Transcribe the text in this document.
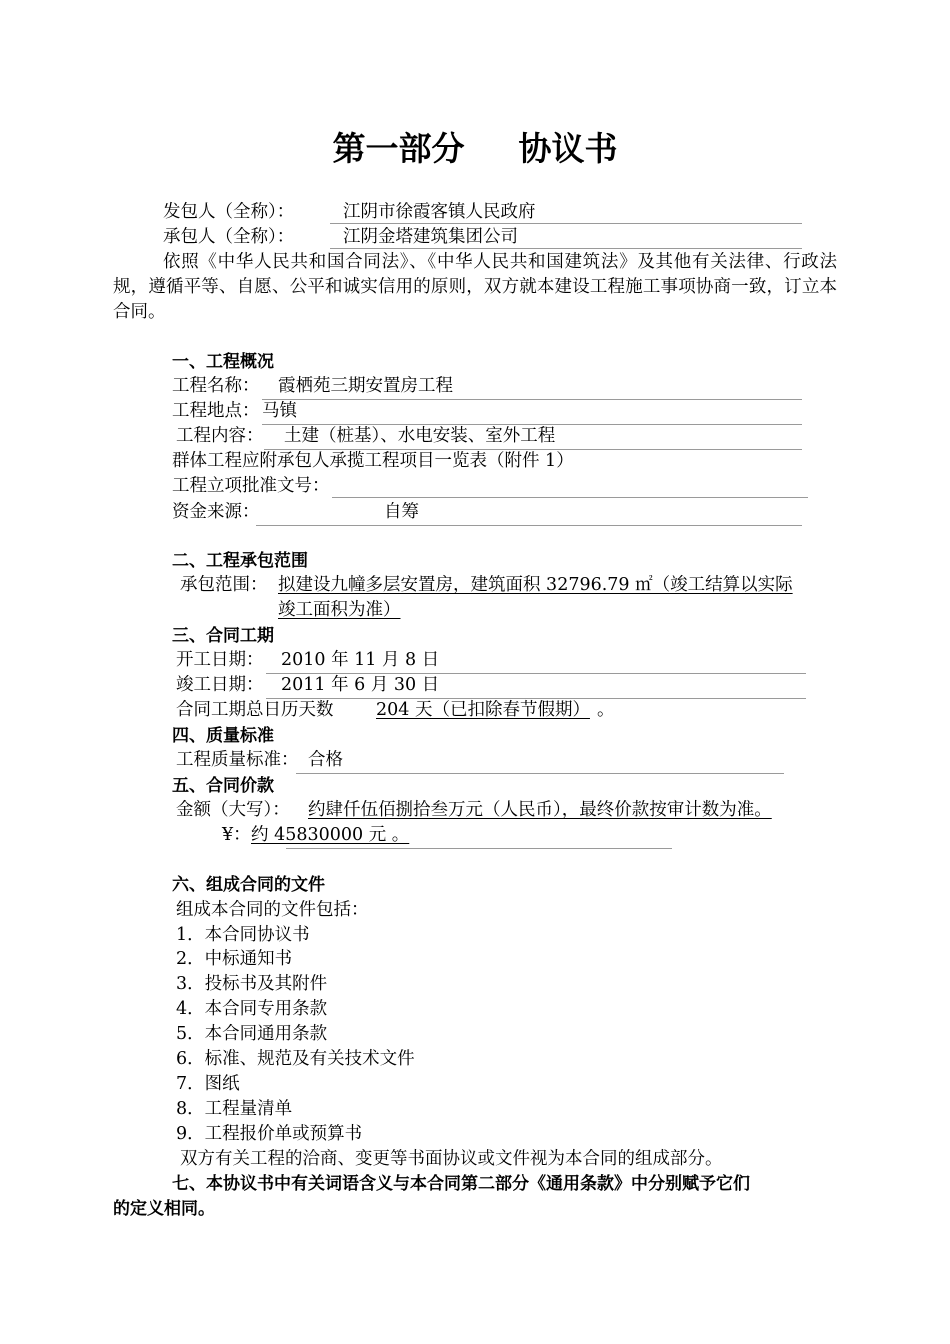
第一部分 协议书
发包人（全称）：	江阴市徐霞客镇人民政府
承包人（全称）：	江阴金塔建筑集团公司
依照《中华人民共和国合同法》、《中华人民共和国建筑法》及其他有关法律、行政法规，遵循平等、自愿、公平和诚实信用的原则，双方就本建设工程施工事项协商一致，订立本合同。
一、工程概况
工程名称： 霞栖苑三期安置房工程
工程地点： 马镇
工程内容： 土建（桩基）、水电安装、室外工程
群体工程应附承包人承揽工程项目一览表（附件 1）
工程立项批准文号：
资金来源：	自筹
二、工程承包范围
承包范围： 拟建设九幢多层安置房，建筑面积 32796.79 ㎡（竣工结算以实际
竣工面积为准）
三、合同工期
开工日期： 2010 年 11 月 8 日
竣工日期： 2011 年 6 月 30 日
合同工期总日历天数 204 天（已扣除春节假期） 。
四、质量标准
工程质量标准： 合格
五、合同价款
金额（大写）： 约肆仟伍佰捌拾叁万元（人民币），最终价款按审计数为准。
¥： 约 45830000 元 。
六、组成合同的文件
组成本合同的文件包括：
1．本合同协议书
2．中标通知书
3．投标书及其附件
4．本合同专用条款
5．本合同通用条款
6．标准、规范及有关技术文件
7．图纸
8．工程量清单
9．工程报价单或预算书
双方有关工程的洽商、变更等书面协议或文件视为本合同的组成部分。
七、本协议书中有关词语含义与本合同第二部分《通用条款》中分别赋予它们
的定义相同。
